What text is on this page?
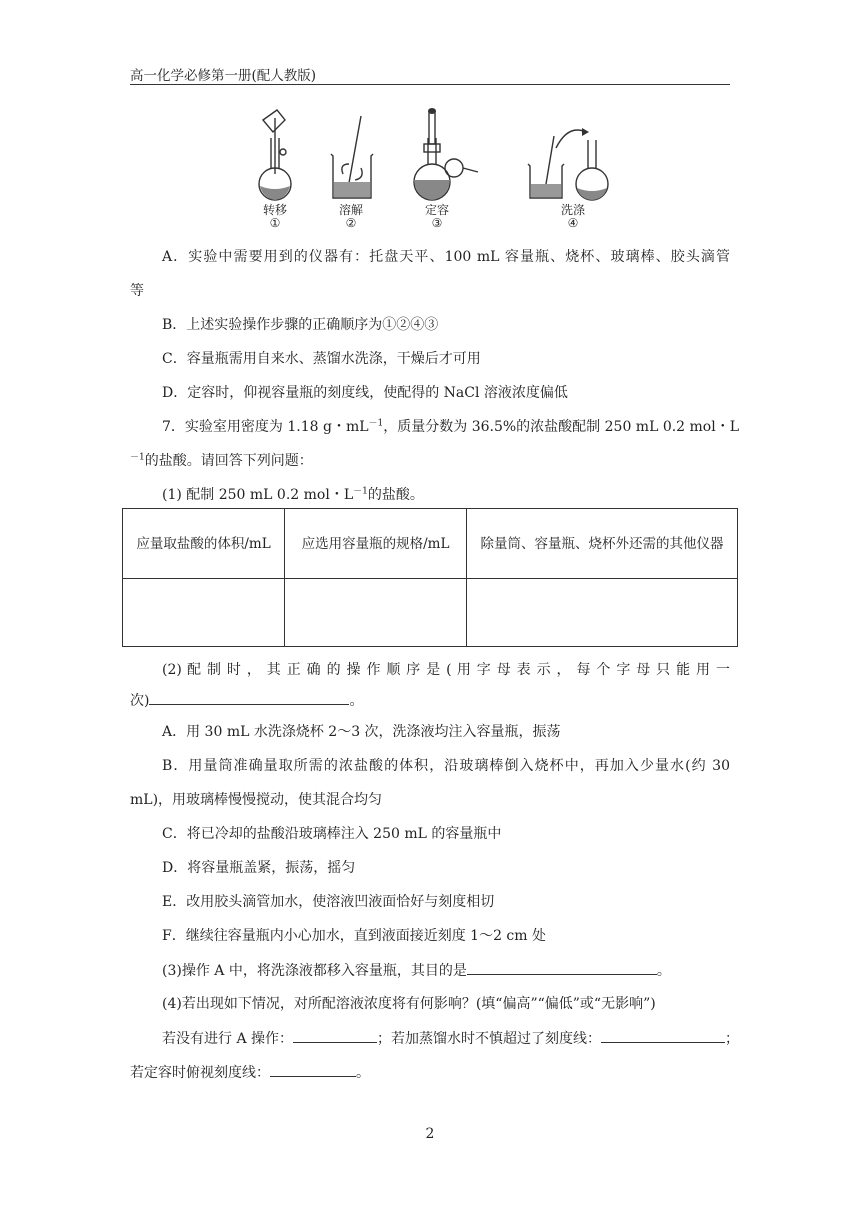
高一化学必修第一册(配人教版)
转移
①
溶解
②
定容
③
洗涤
④
A．实验中需要用到的仪器有：托盘天平、100 mL 容量瓶、烧杯、玻璃棒、胶头滴管
等
B．上述实验操作步骤的正确顺序为①②④③
C．容量瓶需用自来水、蒸馏水洗涤，干燥后才可用
D．定容时，仰视容量瓶的刻度线，使配得的 NaCl 溶液浓度偏低
7．实验室用密度为 1.18 g・$mL^{-1}$，质量分数为 36.5%的浓盐酸配制 250 mL 0.2 mol・L
$^{-1}$的盐酸。请回答下列问题：
(1) 配制 250 mL 0.2 mol・$L^{-1}$的盐酸。
应量取盐酸的体积/mL	应选用容量瓶的规格/mL	除量筒、容量瓶、烧杯外还需的其他仪器

(2) 配 制 时 ， 其 正 确 的 操 作 顺 序 是 ( 用 字 母 表 示 ， 每 个 字 母 只 能 用 一
次)	。
A．用 30 mL 水洗涤烧杯 2～3 次，洗涤液均注入容量瓶，振荡
B．用量筒准确量取所需的浓盐酸的体积，沿玻璃棒倒入烧杯中，再加入少量水(约 30
mL)，用玻璃棒慢慢搅动，使其混合均匀
C．将已冷却的盐酸沿玻璃棒注入 250 mL 的容量瓶中
D．将容量瓶盖紧，振荡，摇匀
E．改用胶头滴管加水，使溶液凹液面恰好与刻度相切
F．继续往容量瓶内小心加水，直到液面接近刻度 1～2 cm 处
(3)操作 A 中，将洗涤液都移入容量瓶，其目的是	。
(4)若出现如下情况，对所配溶液浓度将有何影响？(填“偏高”“偏低”或“无影响”)
若没有进行 A 操作：	；若加蒸馏水时不慎超过了刻度线：	；
若定容时俯视刻度线：	。
2
